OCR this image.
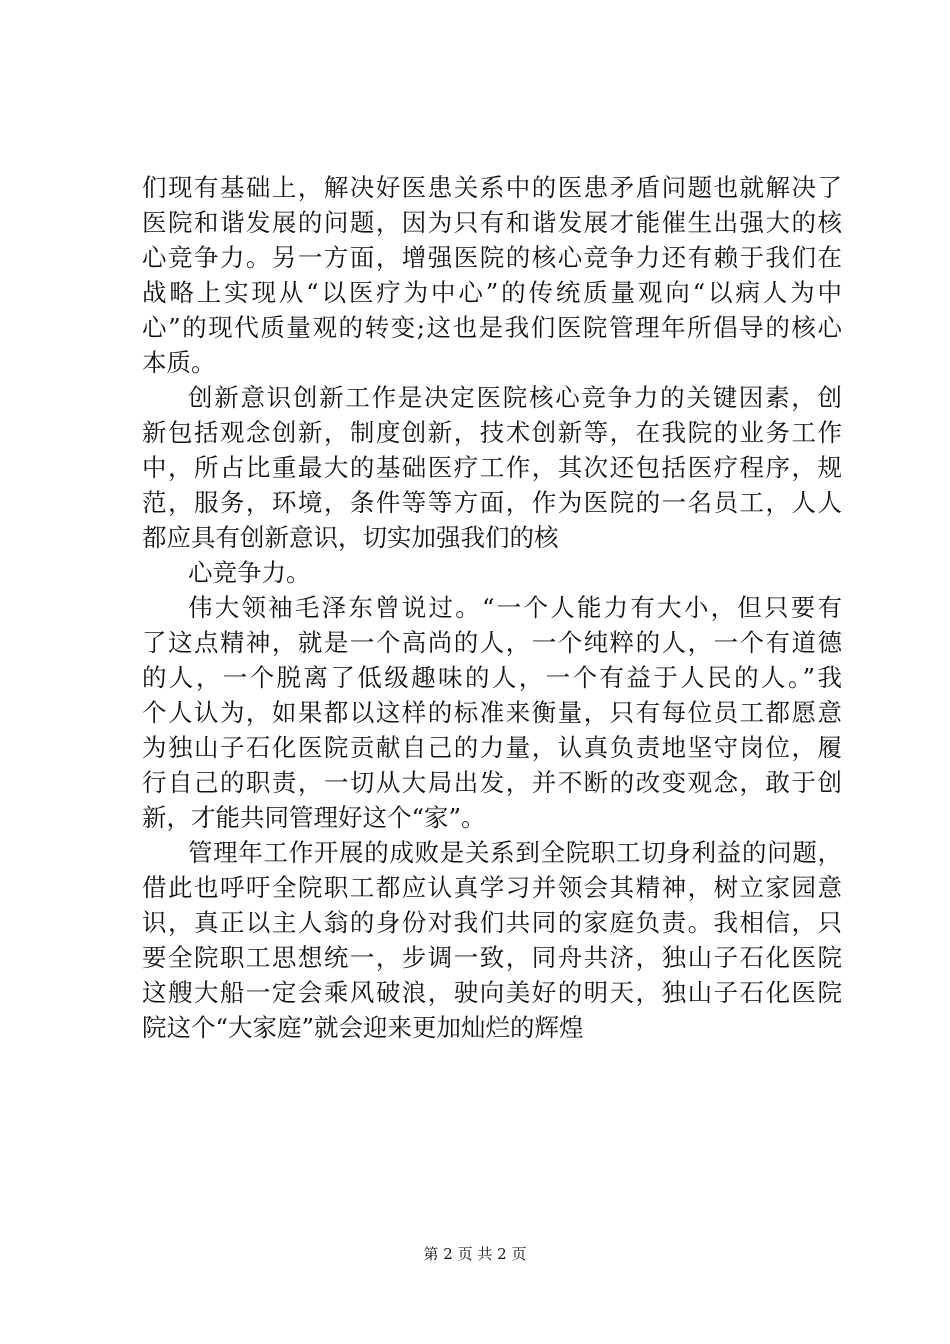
们现有基础上，解决好医患关系中的医患矛盾问题也就解决了
医院和谐发展的问题，因为只有和谐发展才能催生出强大的核
心竞争力。另一方面，增强医院的核心竞争力还有赖于我们在
战略上实现从“以医疗为中心”的传统质量观向“以病人为中
心”的现代质量观的转变;这也是我们医院管理年所倡导的核心
本质。
创新意识创新工作是决定医院核心竞争力的关键因素，创
新包括观念创新，制度创新，技术创新等，在我院的业务工作
中，所占比重最大的基础医疗工作，其次还包括医疗程序，规
范，服务，环境，条件等等方面，作为医院的一名员工，人人
都应具有创新意识，切实加强我们的核
心竞争力。
伟大领袖毛泽东曾说过。“一个人能力有大小，但只要有
了这点精神，就是一个高尚的人，一个纯粹的人，一个有道德
的人，一个脱离了低级趣味的人，一个有益于人民的人。”我
个人认为，如果都以这样的标准来衡量，只有每位员工都愿意
为独山子石化医院贡献自己的力量，认真负责地坚守岗位，履
行自己的职责，一切从大局出发，并不断的改变观念，敢于创
新，才能共同管理好这个“家”。
管理年工作开展的成败是关系到全院职工切身利益的问题，
借此也呼吁全院职工都应认真学习并领会其精神，树立家园意
识，真正以主人翁的身份对我们共同的家庭负责。我相信，只
要全院职工思想统一，步调一致，同舟共济，独山子石化医院
这艘大船一定会乘风破浪，驶向美好的明天，独山子石化医院
院这个“大家庭”就会迎来更加灿烂的辉煌
第 2 页 共 2 页
